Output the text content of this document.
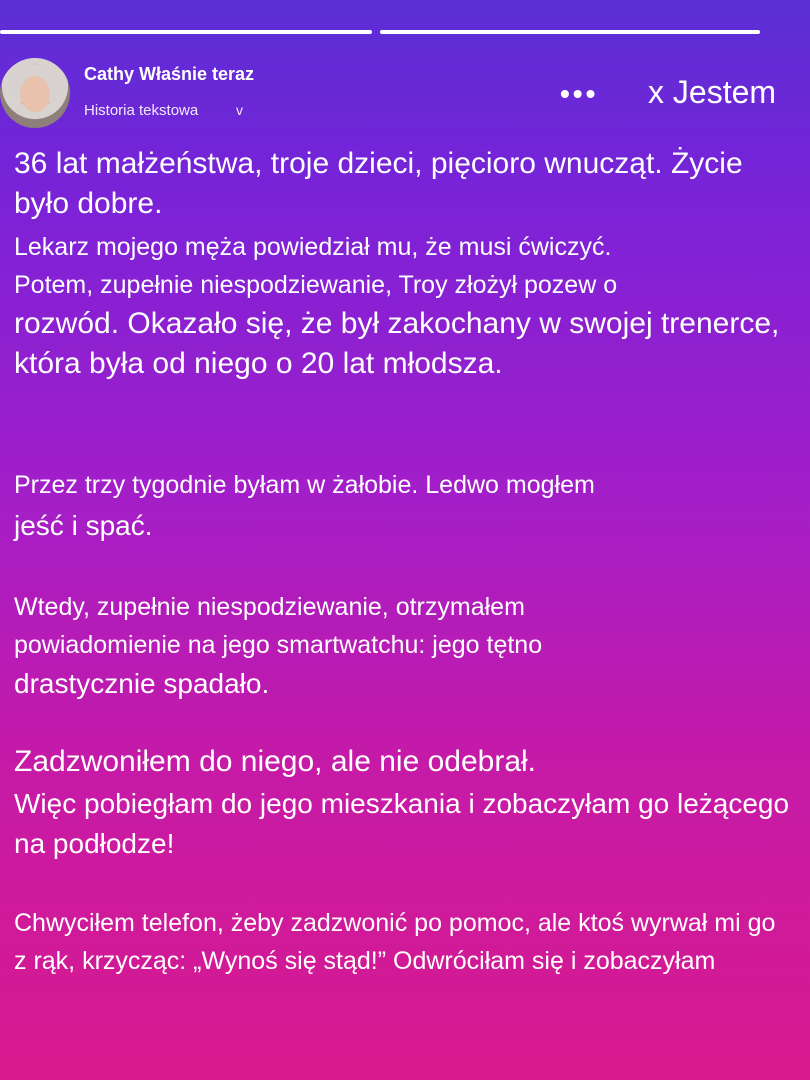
Cathy Właśnie teraz
Historia tekstowa	v
••• x Jestem

36 lat małżeństwa, troje dzieci, pięcioro wnucząt. Życie było dobre.

Lekarz mojego męża powiedział mu, że musi ćwiczyć.

Potem, zupełnie niespodziewanie, Troy złożył pozew o

rozwód. Okazało się, że był zakochany w swojej trenerce, która była od niego o 20 lat młodsza.

Przez trzy tygodnie byłam w żałobie. Ledwo mogłem

jeść i spać.

Wtedy, zupełnie niespodziewanie, otrzymałem

powiadomienie na jego smartwatchu: jego tętno

drastycznie spadało.

Zadzwoniłem do niego, ale nie odebrał.

Więc pobiegłam do jego mieszkania i zobaczyłam go leżącego na podłodze!

Chwyciłem telefon, żeby zadzwonić po pomoc, ale ktoś wyrwał mi go z rąk, krzycząc: „Wynoś się stąd!” Odwróciłam się i zobaczyłam
